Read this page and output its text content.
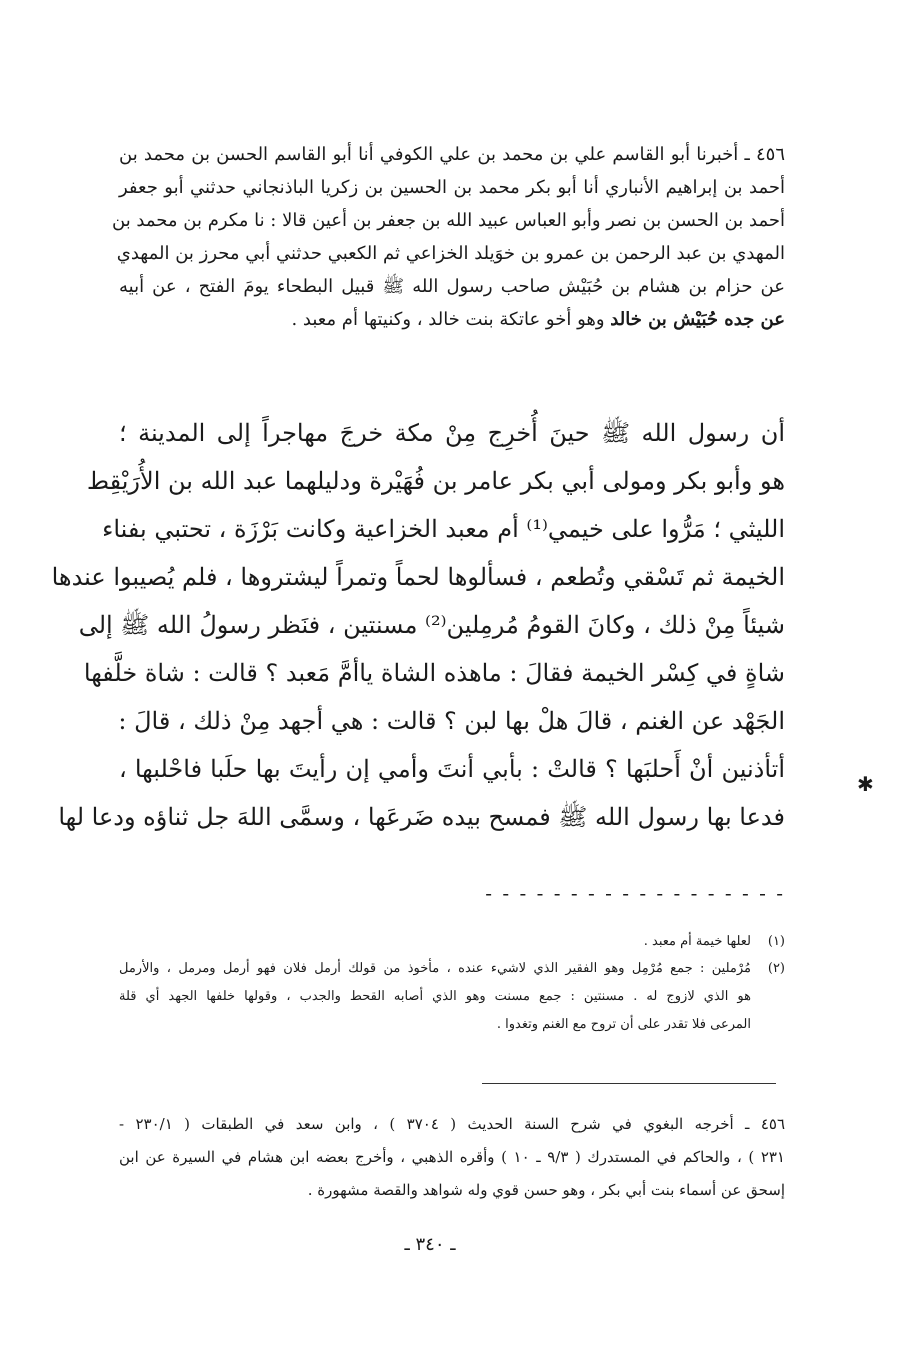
٤٥٦ ـ أخبرنا أبو القاسم علي بن محمد بن علي الكوفي أنا أبو القاسم الحسن بن محمد بن
أحمد بن إبراهيم الأنباري أنا أبو بكر محمد بن الحسين بن زكريا الباذنجاني حدثني أبو جعفر
أحمد بن الحسن بن نصر وأبو العباس عبيد الله بن جعفر بن أعين قالا : نا مكرم بن محمد بن
المهدي بن عبد الرحمن بن عمرو بن خوَيلد الخزاعي ثم الكعبي حدثني أبي محرز بن المهدي
عن حزام بن هشام بن حُبَيْش صاحب رسول الله ﷺ قبيل البطحاء يومَ الفتح ، عن أبيه
عن جده حُبَيْش بن خالد وهو أخو عاتكة بنت خالد ، وكنيتها أم معبد .
أن رسول الله ﷺ حينَ أُخرِج مِنْ مكة خرجَ مهاجراً إلى المدينة ؛
هو وأبو بكر ومولى أبي بكر عامر بن فُهَيْرة ودليلهما عبد الله بن الأُرَيْقِط
الليثي ؛ مَرُّوا على خيمي⁽¹⁾ أم معبد الخزاعية وكانت بَرْزَة ، تحتبي بفناء
الخيمة ثم تَسْقي وتُطعم ، فسألوها لحماً وتمراً ليشتروها ، فلم يُصيبوا عندها
شيئاً مِنْ ذلك ، وكانَ القومُ مُرمِلين⁽²⁾ مسنتين ، فنَظر رسولُ الله ﷺ إلى
شاةٍ في كِسْر الخيمة فقالَ : ماهذه الشاة ياأمَّ مَعبد ؟ قالت : شاة خلَّفها
الجَهْد عن الغنم ، قالَ هلْ بها لبن ؟ قالت : هي أجهد مِنْ ذلك ، قالَ :
أتأذنين أنْ أَحلبَها ؟ قالتْ : بأبي أنتَ وأمي إن رأيتَ بها حلَبا فاحْلبها ،
فدعا بها رسول الله ﷺ فمسح بيده ضَرعَها ، وسمَّى اللهَ جل ثناؤه ودعا لها
✱
- - - - - - - - - - - - - - - - - -
(١)
لعلها خيمة أم معبد .
(٢)
مُرْملين : جمع مُرْمِل وهو الفقير الذي لاشيء عنده ، مأخوذ من قولك أرمل فلان فهو أرمل ومرمل ، والأرمل
هو الذي لازوج له . مسنتين : جمع مسنت وهو الذي أصابه القحط والجدب ، وقولها خلفها الجهد أي قلة
المرعى فلا تقدر على أن تروح مع الغنم وتغدوا .
٤٥٦ ـ أخرجه البغوي في شرح السنة الحديث ( ٣٧٠٤ ) ، وابن سعد في الطبقات ( ٢٣٠/١ -
٢٣١ ) ، والحاكم في المستدرك ( ٩/٣ ـ ١٠ ) وأقره الذهبي ، وأخرج بعضه ابن هشام في السيرة عن ابن
إسحق عن أسماء بنت أبي بكر ، وهو حسن قوي وله شواهد والقصة مشهورة .
ـ ٣٤٠ ـ
